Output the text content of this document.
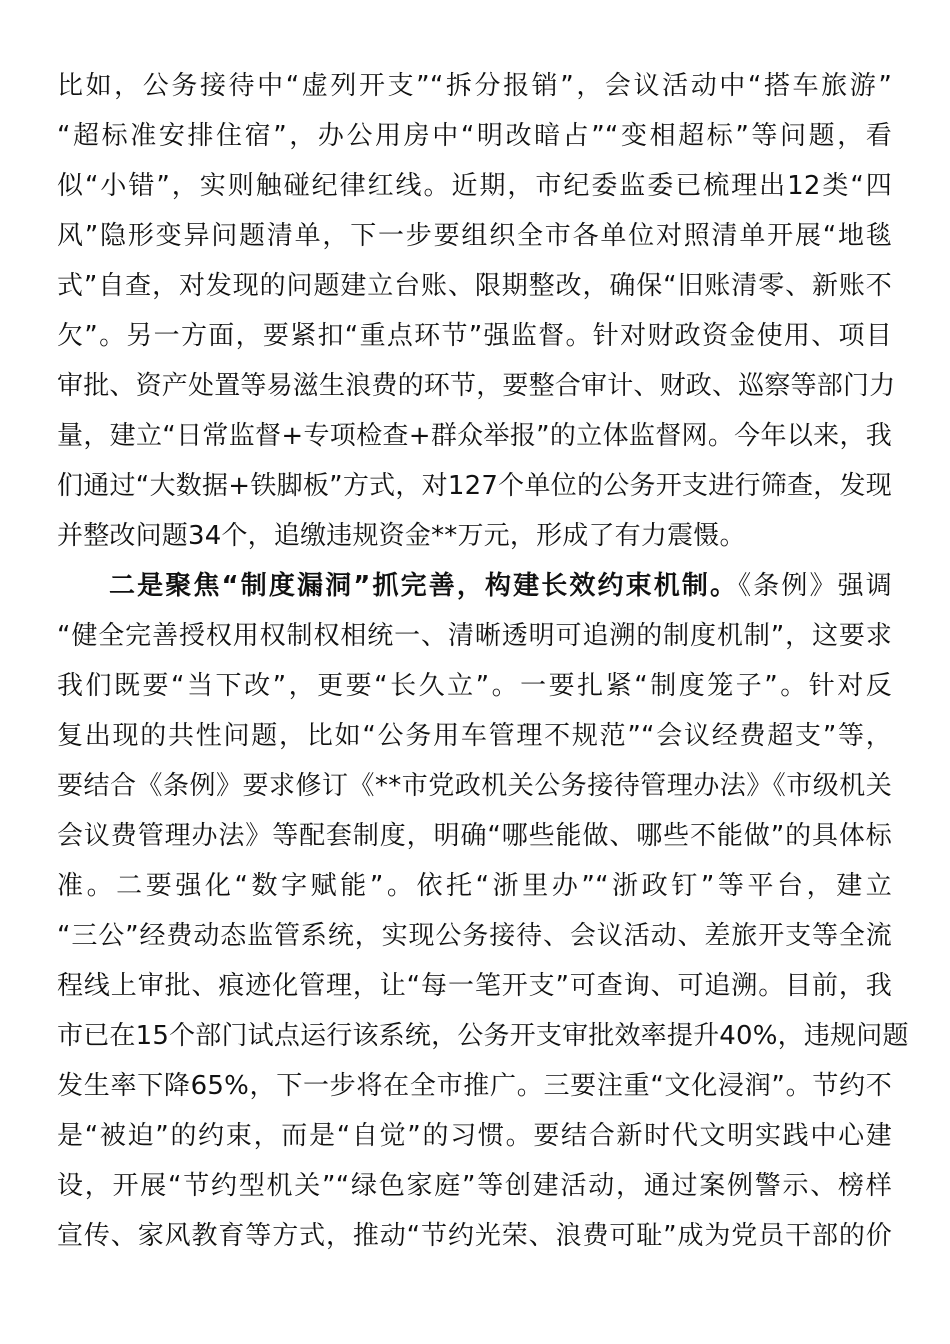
比如，公务接待中“虚列开支”“拆分报销”，会议活动中“搭车旅游”
“超标准安排住宿”，办公用房中“明改暗占”“变相超标”等问题，看
似“小错”，实则触碰纪律红线。近期，市纪委监委已梳理出12类“四
风”隐形变异问题清单，下一步要组织全市各单位对照清单开展“地毯
式”自查，对发现的问题建立台账、限期整改，确保“旧账清零、新账不
欠”。另一方面，要紧扣“重点环节”强监督。针对财政资金使用、项目
审批、资产处置等易滋生浪费的环节，要整合审计、财政、巡察等部门力
量，建立“日常监督+专项检查+群众举报”的立体监督网。今年以来，我
们通过“大数据+铁脚板”方式，对127个单位的公务开支进行筛查，发现
并整改问题34个，追缴违规资金**万元，形成了有力震慑。
二是聚焦“制度漏洞”抓完善，构建长效约束机制。《条例》强调
“健全完善授权用权制权相统一、清晰透明可追溯的制度机制”，这要求
我们既要“当下改”，更要“长久立”。一要扎紧“制度笼子”。针对反
复出现的共性问题，比如“公务用车管理不规范”“会议经费超支”等，
要结合《条例》要求修订《**市党政机关公务接待管理办法》《市级机关
会议费管理办法》等配套制度，明确“哪些能做、哪些不能做”的具体标
准。二要强化“数字赋能”。依托“浙里办”“浙政钉”等平台，建立
“三公”经费动态监管系统，实现公务接待、会议活动、差旅开支等全流
程线上审批、痕迹化管理，让“每一笔开支”可查询、可追溯。目前，我
市已在15个部门试点运行该系统，公务开支审批效率提升40%，违规问题
发生率下降65%，下一步将在全市推广。三要注重“文化浸润”。节约不
是“被迫”的约束，而是“自觉”的习惯。要结合新时代文明实践中心建
设，开展“节约型机关”“绿色家庭”等创建活动，通过案例警示、榜样
宣传、家风教育等方式，推动“节约光荣、浪费可耻”成为党员干部的价
